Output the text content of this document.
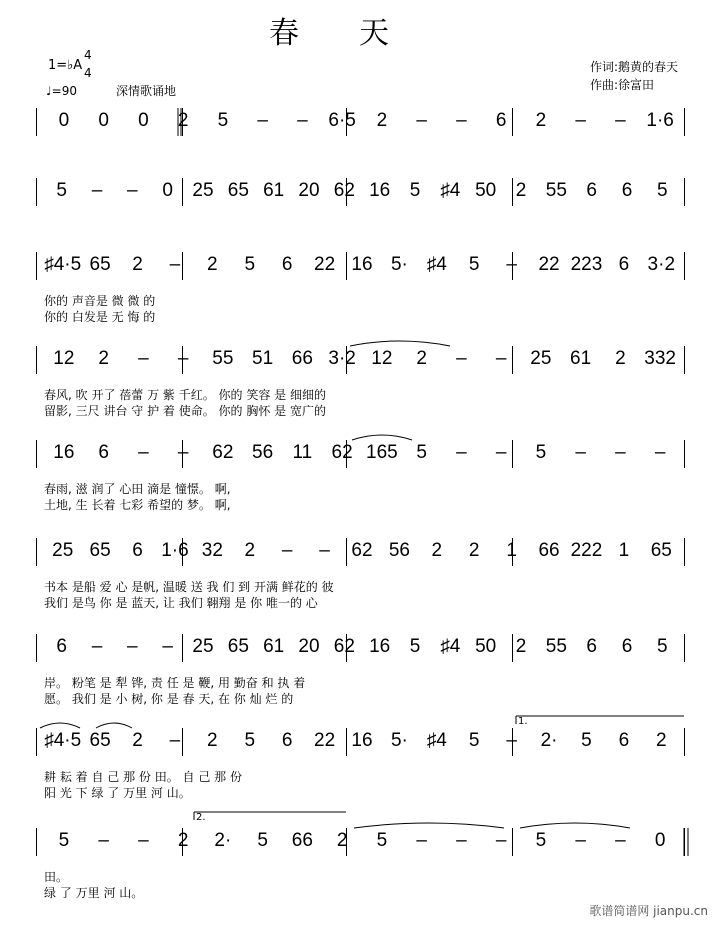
春天
1=♭A
4
4
♩=90	深情歌诵地
作词:鹅黄的春天
作曲:徐富田
0	0	0	2	5	–	–	6·5	2	–	–	6	2	–	–	1·6
5	–	–	0	25 65 61 20 62 16	5	♯4 50	2	55	6	6	5
♯4·5 65	2	–	2	5	6	22 16 5· ♯4	5	–	22 223 6 3·2
你的 声音是 微 微 的
你的 白发是 无 悔 的
12	2	–	–	55 51 66 3·2 12	2	–	–	25 61	2 332
春风, 吹 开了 蓓蕾 万 紫 千红。 你的 笑容 是 细细的
留影, 三尺 讲台 守 护 着 使命。 你的 胸怀 是 宽广的
16	6	–	–	62 56	11	62 165 5	–	–	5	–	–	–
春雨, 滋 润了 心田 滴是 憧憬。 啊,
土地, 生 长着 七彩 希望的 梦。 啊,
25 65	6 1·6 32	2	–	–	62 56	2	2	1	66 222 1	65
书本 是船 爱 心 是帆, 温暖 送 我 们 到 开满 鲜花的 彼
我们 是鸟 你 是 蓝天, 让 我们 翱翔 是 你 唯一的 心
6	–	–	–	25 65 61 20 62 16	5	♯4 50	2	55	6	6	5
岸。 粉笔 是 犁 铧, 责 任 是 鞭, 用 勤奋 和 执 着
愿。 我们 是 小 树, 你 是 春 天, 在 你 灿 烂 的
♯4·5 65	2	–	2	5	6	22 16 5· ♯4	5	–	2·	5	6	2
耕 耘 着 自 己 那 份 田。 自 己 那 份
阳 光 下 绿 了 万里 河 山。
5	–	–	2	2·	5	66	2	5	–	–	–	5	–	–	0
田。
绿 了 万里 河 山。
1.
2.
歌谱简谱网 jianpu.cn
